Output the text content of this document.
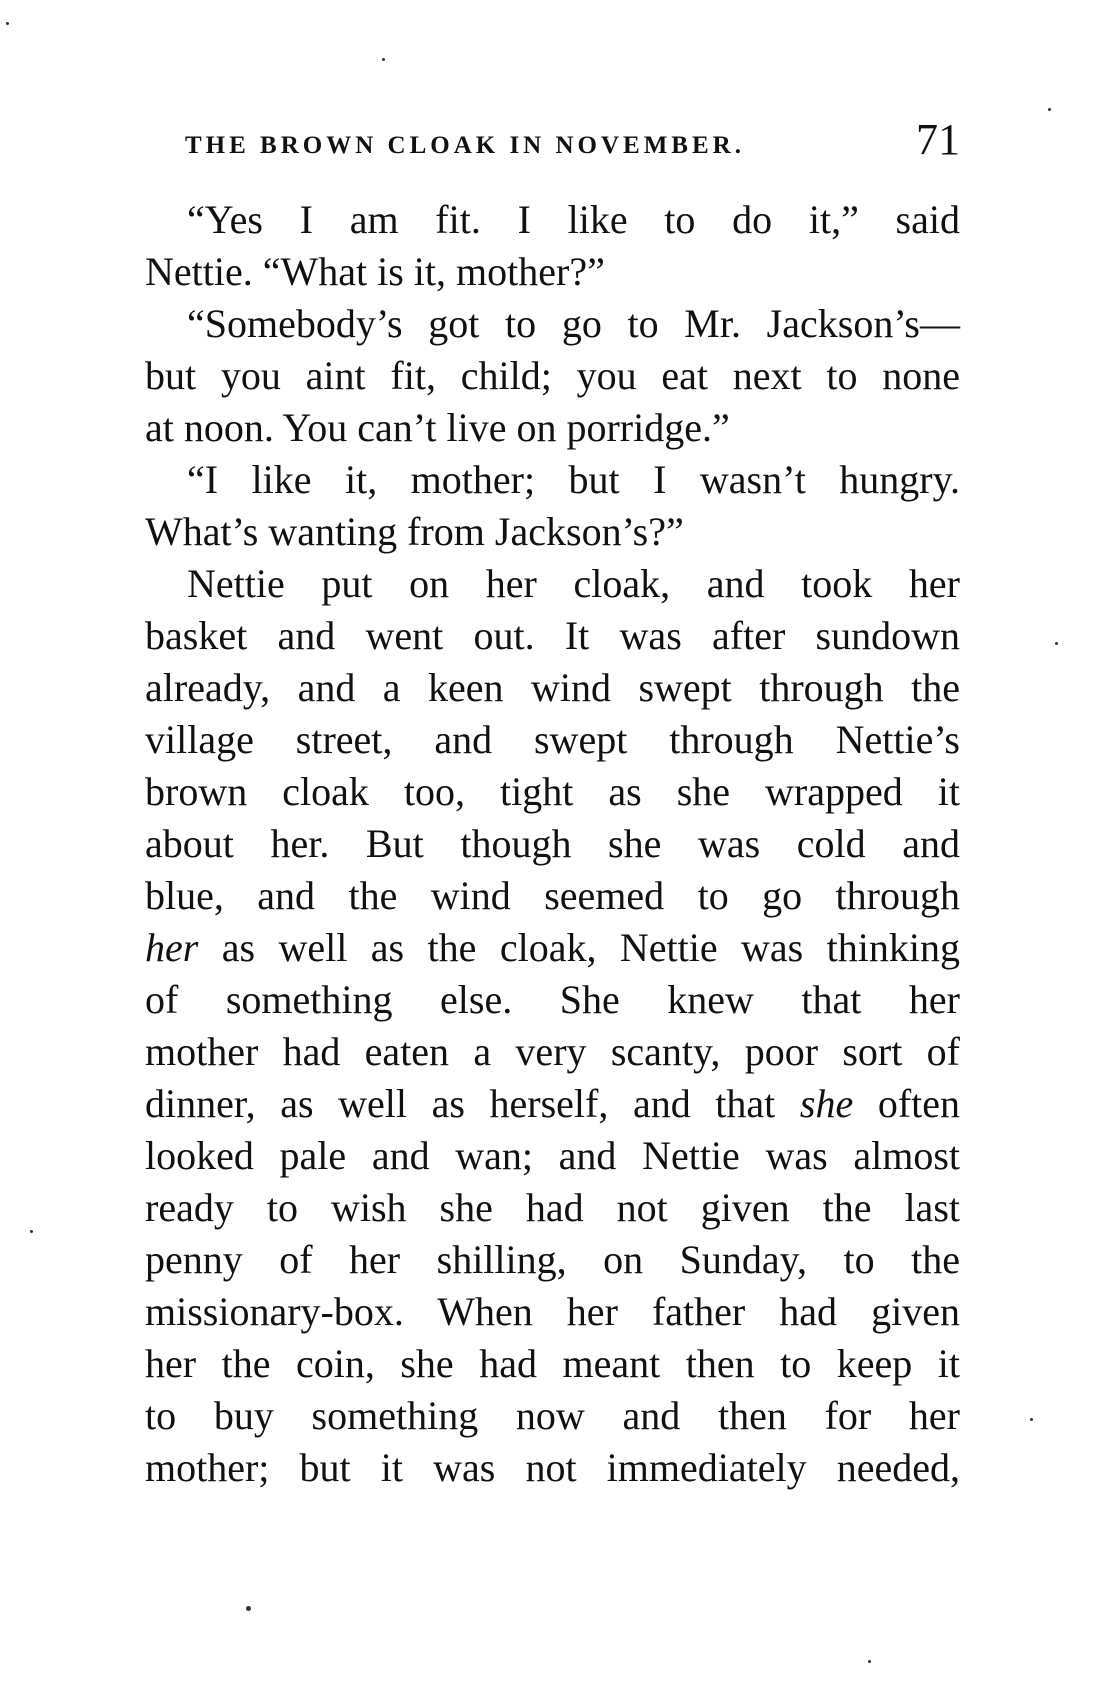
THE BROWN CLOAK IN NOVEMBER.	71
“Yes I am fit. I like to do it,” said
Nettie. “What is it, mother?”
“Somebody’s got to go to Mr. Jackson’s—
but you aint fit, child; you eat next to none
at noon. You can’t live on porridge.”
“I like it, mother; but I wasn’t hungry.
What’s wanting from Jackson’s?”
Nettie put on her cloak, and took her
basket and went out. It was after sundown
already, and a keen wind swept through the
village street, and swept through Nettie’s
brown cloak too, tight as she wrapped it
about her. But though she was cold and
blue, and the wind seemed to go through
her as well as the cloak, Nettie was thinking
of something else. She knew that her
mother had eaten a very scanty, poor sort of
dinner, as well as herself, and that she often
looked pale and wan; and Nettie was almost
ready to wish she had not given the last
penny of her shilling, on Sunday, to the
missionary-box. When her father had given
her the coin, she had meant then to keep it
to buy something now and then for her
mother; but it was not immediately needed,
